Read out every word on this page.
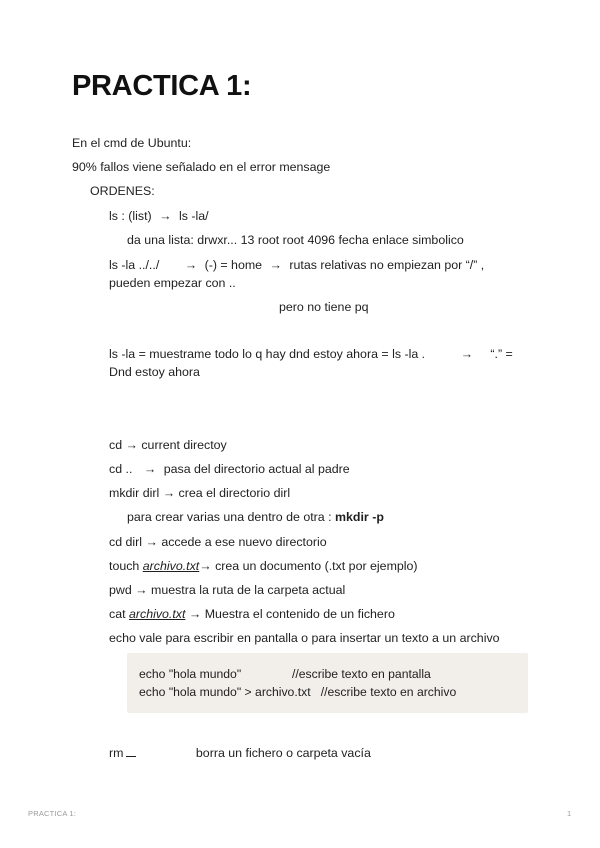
PRACTICA 1:
En el cmd de Ubuntu:
90% fallos viene señalado en el error mensage
ORDENES:
ls : (list) → ls -la/
da una lista: drwxr... 13 root root 4096 fecha enlace simbolico
ls -la ../../ → (-) = home → rutas relativas no empiezan por “/” ,
pueden empezar con ..
pero no tiene pq
ls -la = muestrame todo lo q hay dnd estoy ahora = ls -la .	→ “.” =
Dnd estoy ahora
cd → current directoy
cd .. → pasa del directorio actual al padre
mkdir dirl → crea el directorio dirl
para crear varias una dentro de otra : mkdir -p
cd dirl → accede a ese nuevo directorio
touch archivo.txt→ crea un documento (.txt por ejemplo)
pwd → muestra la ruta de la carpeta actual
cat archivo.txt → Muestra el contenido de un fichero
echo vale para escribir en pantalla o para insertar un texto a un archivo
echo "hola mundo"               //escribe texto en pantalla
echo "hola mundo" > archivo.txt   //escribe texto en archivo
rm	borra un fichero o carpeta vacía
PRACTICA 1:	1
